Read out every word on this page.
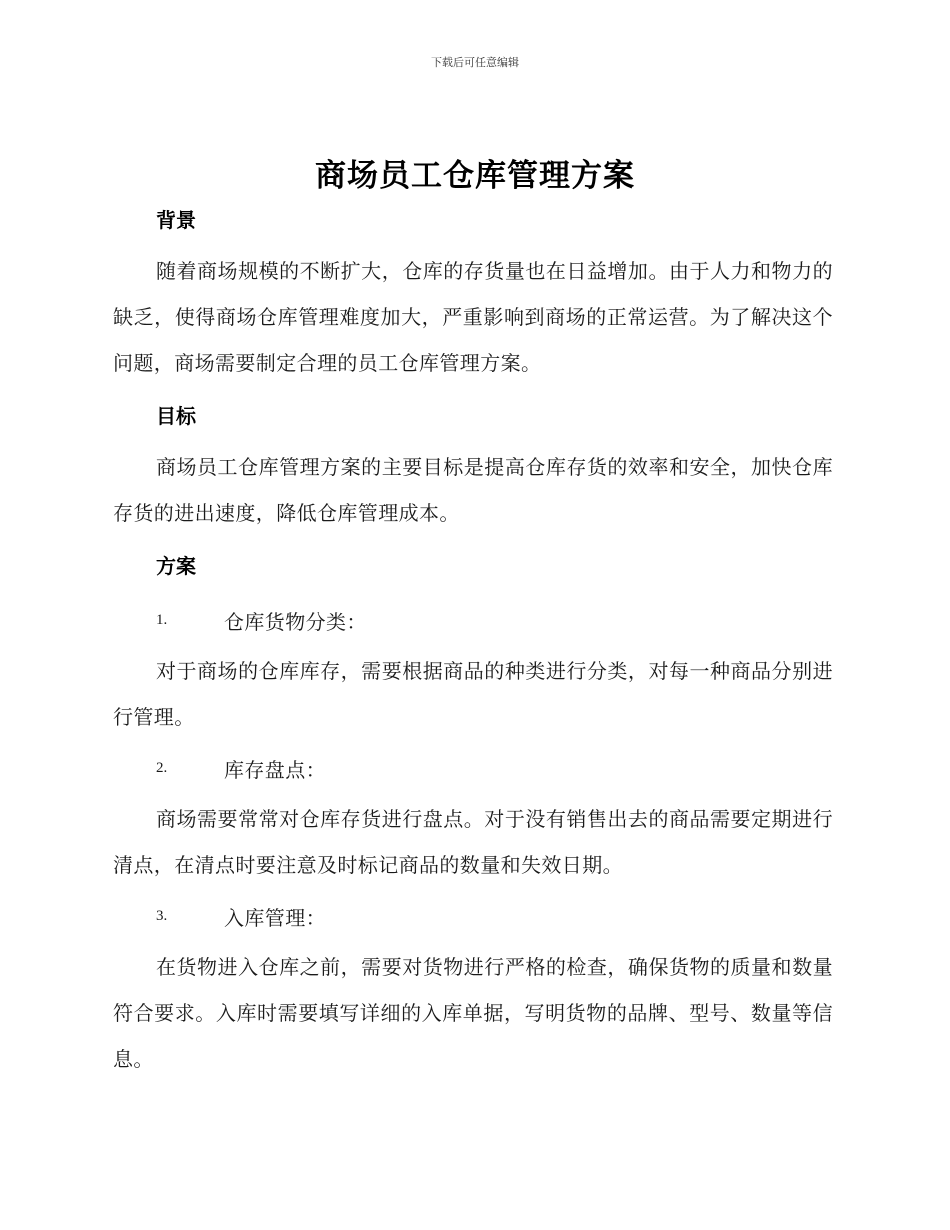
下载后可任意编辑
商场员工仓库管理方案
背景

随着商场规模的不断扩大，仓库的存货量也在日益增加。由于人力和物力的缺乏，使得商场仓库管理难度加大，严重影响到商场的正常运营。为了解决这个问题，商场需要制定合理的员工仓库管理方案。

目标

商场员工仓库管理方案的主要目标是提高仓库存货的效率和安全，加快仓库存货的进出速度，降低仓库管理成本。

方案
1.	仓库货物分类：

对于商场的仓库库存，需要根据商品的种类进行分类，对每一种商品分别进行管理。

2.	库存盘点：

商场需要常常对仓库存货进行盘点。对于没有销售出去的商品需要定期进行清点，在清点时要注意及时标记商品的数量和失效日期。

3.	入库管理：

在货物进入仓库之前，需要对货物进行严格的检查，确保货物的质量和数量符合要求。入库时需要填写详细的入库单据，写明货物的品牌、型号、数量等信息。
